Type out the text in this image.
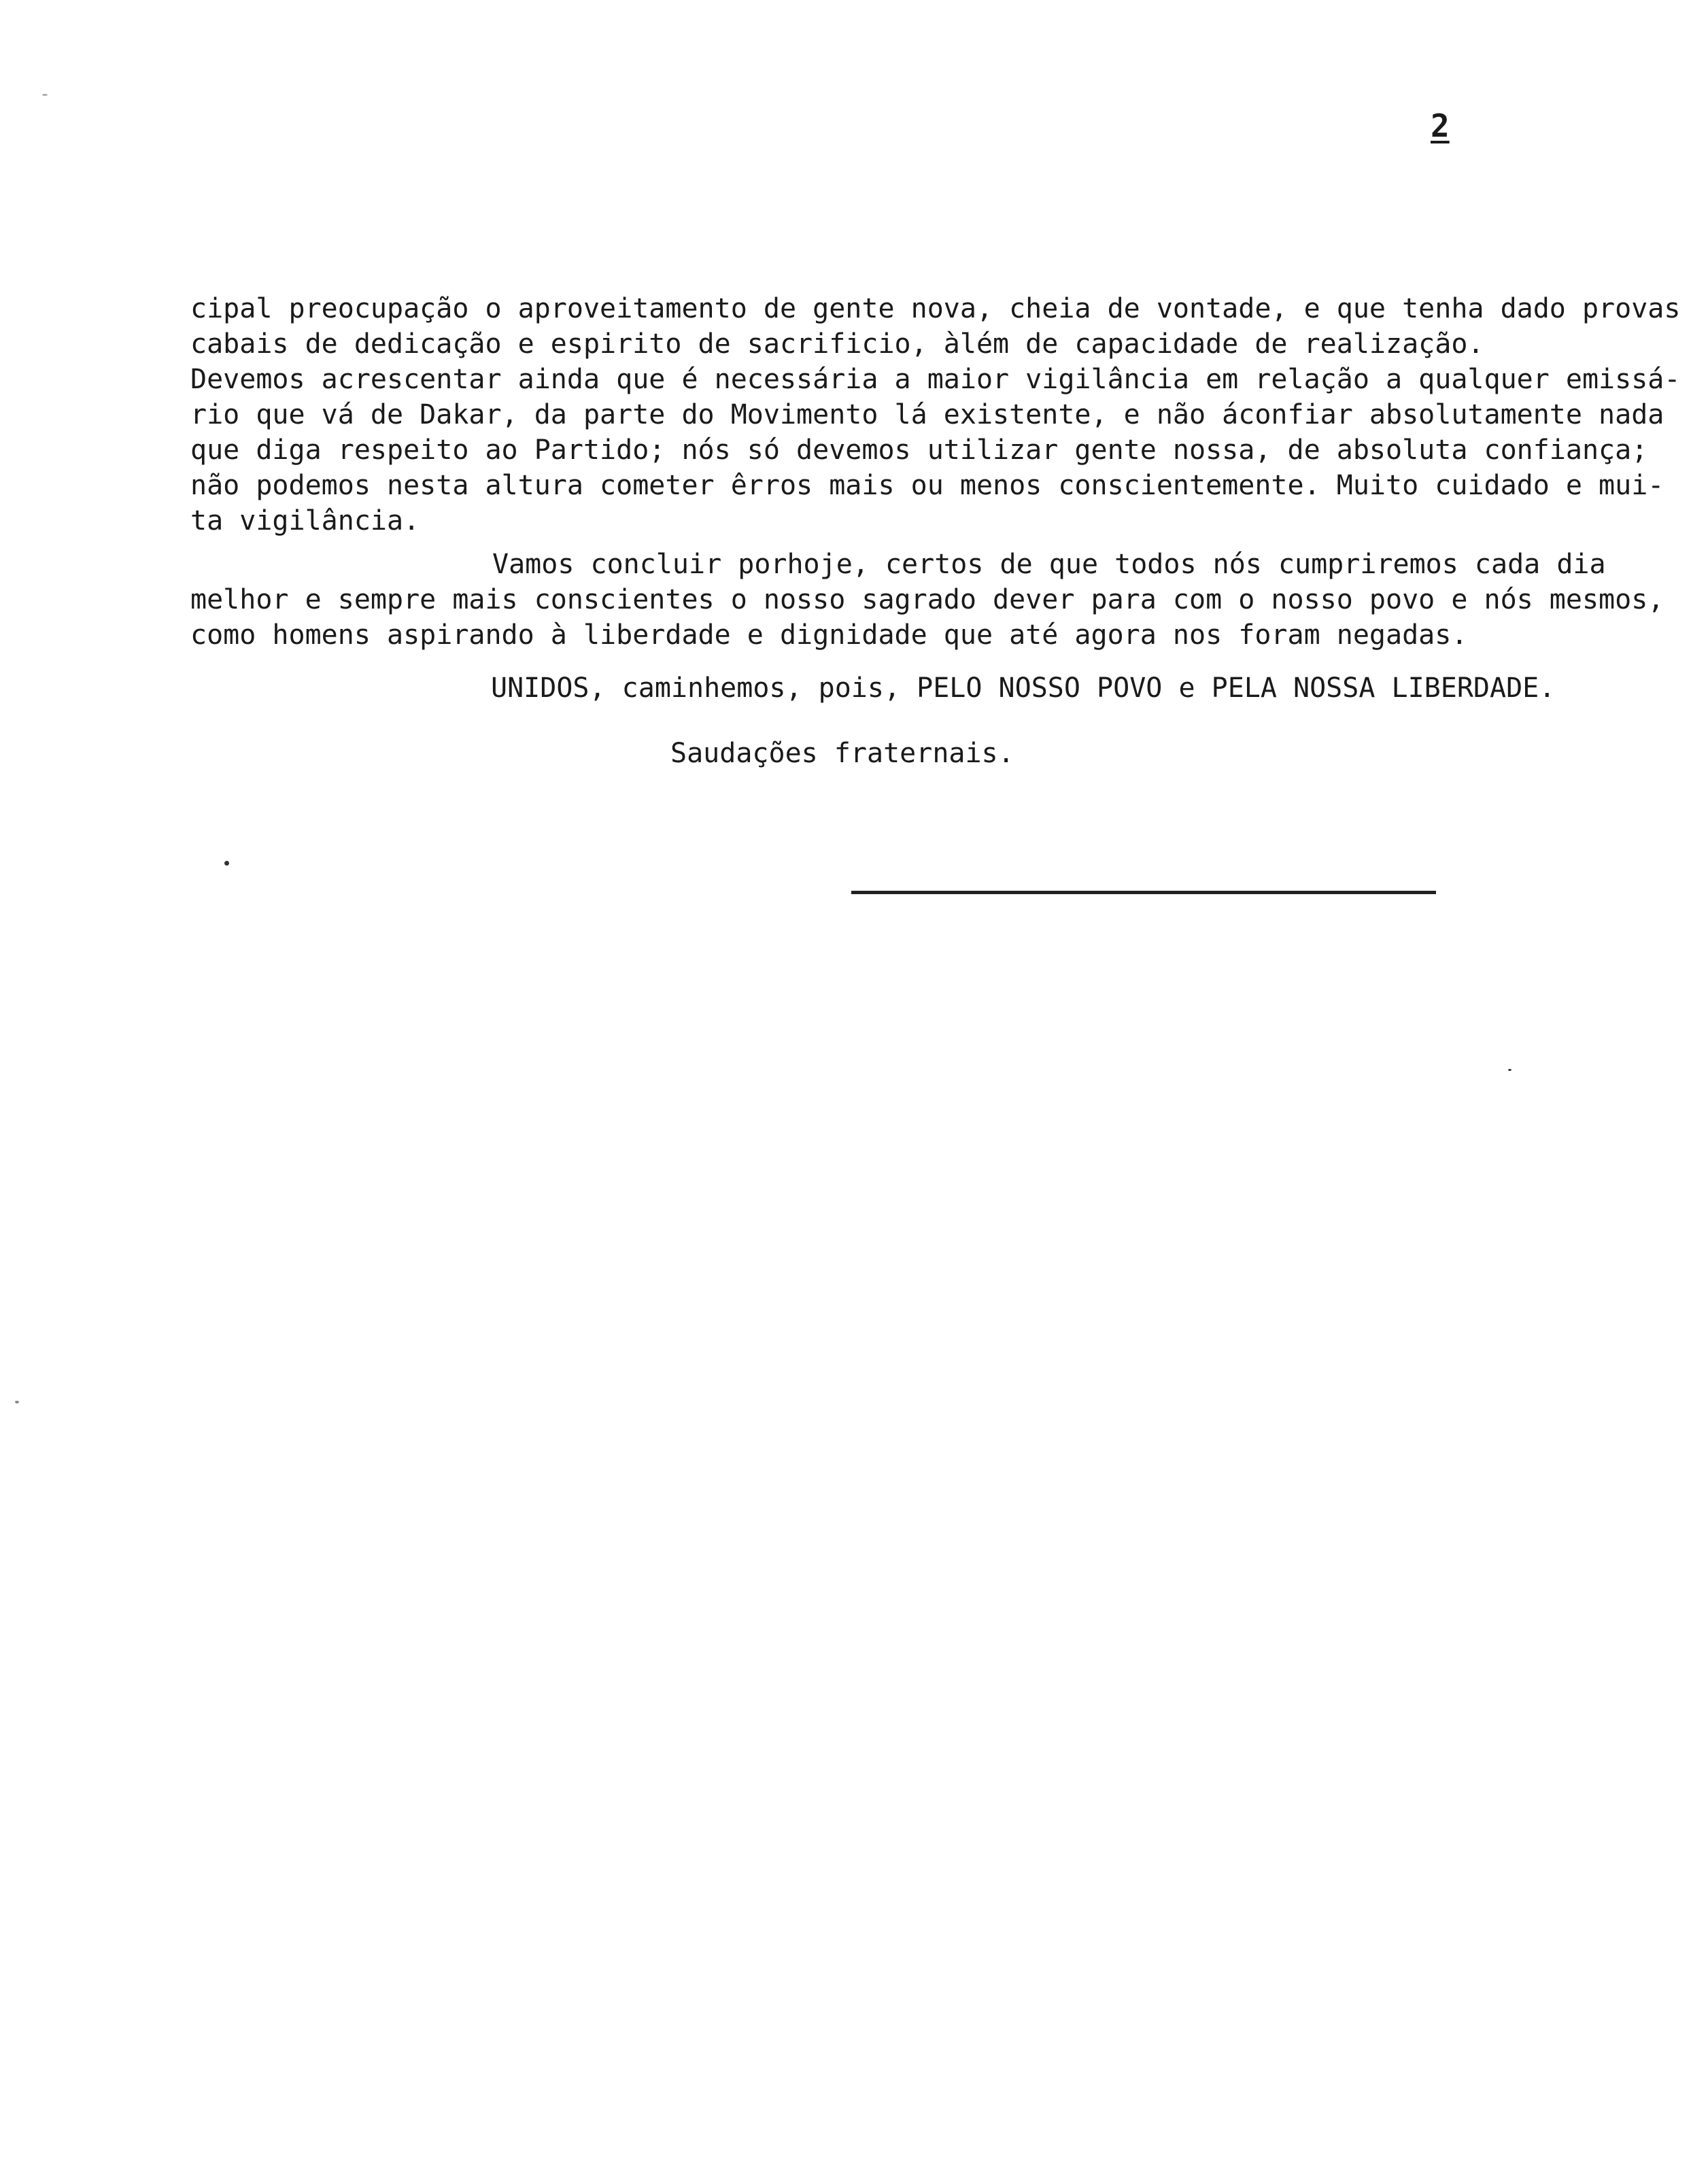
2
cipal preocupação o aproveitamento de gente nova, cheia de vontade, e que tenha dado provas
cabais de dedicação e espirito de sacrificio, àlém de capacidade de realização.
Devemos acrescentar ainda que é necessária a maior vigilância em relação a qualquer emissá-
rio que vá de Dakar, da parte do Movimento lá existente, e não áconfiar absolutamente nada
que diga respeito ao Partido; nós só devemos utilizar gente nossa, de absoluta confiança;
não podemos nesta altura cometer êrros mais ou menos conscientemente. Muito cuidado e mui-
ta vigilância.
Vamos concluir porhoje, certos de que todos nós cumpriremos cada dia
melhor e sempre mais conscientes o nosso sagrado dever para com o nosso povo e nós mesmos,
como homens aspirando à liberdade e dignidade que até agora nos foram negadas.

UNIDOS, caminhemos, pois, PELO NOSSO POVO e PELA NOSSA LIBERDADE.

Saudações fraternais.
